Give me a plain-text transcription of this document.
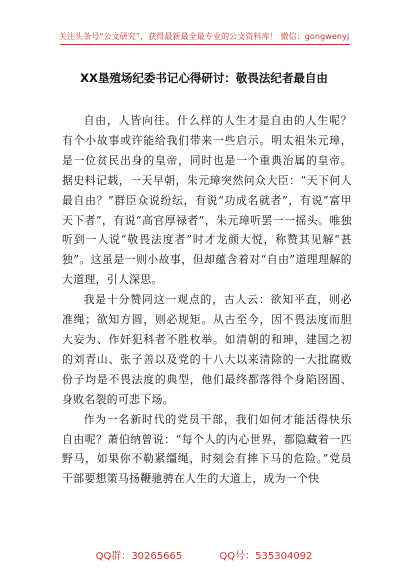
关注头条号“公文研究”，获得最新最全最专业的公文资料库！ 微信：gongwenyj
XX垦殖场纪委书记心得研讨：敬畏法纪者最自由

自由，人皆向往。什么样的人生才是自由的人生呢？有个小故事或许能给我们带来一些启示。明太祖朱元璋，是一位贫民出身的皇帝，同时也是一个重典治属的皇帝。据史料记载，一天早朝，朱元璋突然问众大臣：“天下何人最自由？”群臣众说纷纭，有说“功成名就者”，有说“富甲天下者”，有说“高官厚禄者”，朱元璋听罢一一摇头。唯独听到一人说“敬畏法度者”时才龙颜大悦，称赞其见解“甚独”。这虽是一则小故事，但却蕴含着对“自由”道理理解的大道理，引人深思。

我是十分赞同这一观点的，古人云：欲知平直，则必准绳；欲知方圆，则必规矩。从古至今，因不畏法度而胆大妄为、作奸犯科者不胜枚举。如清朝的和珅，建国之初的刘青山、张子善以及党的十八大以来清除的一大批腐败份子均是不畏法度的典型，他们最终都落得个身陷囹圄、身败名裂的可悲下场。

作为一名新时代的党员干部，我们如何才能活得快乐自由呢？萧伯纳曾说：“每个人的内心世界，都隐藏着一匹野马，如果你不勒紧缰绳，时刻会有摔下马的危险。”党员干部要想策马扬鞭驰骋在人生的大道上，成为一个快

QQ群：30265665	QQ号：535304092
